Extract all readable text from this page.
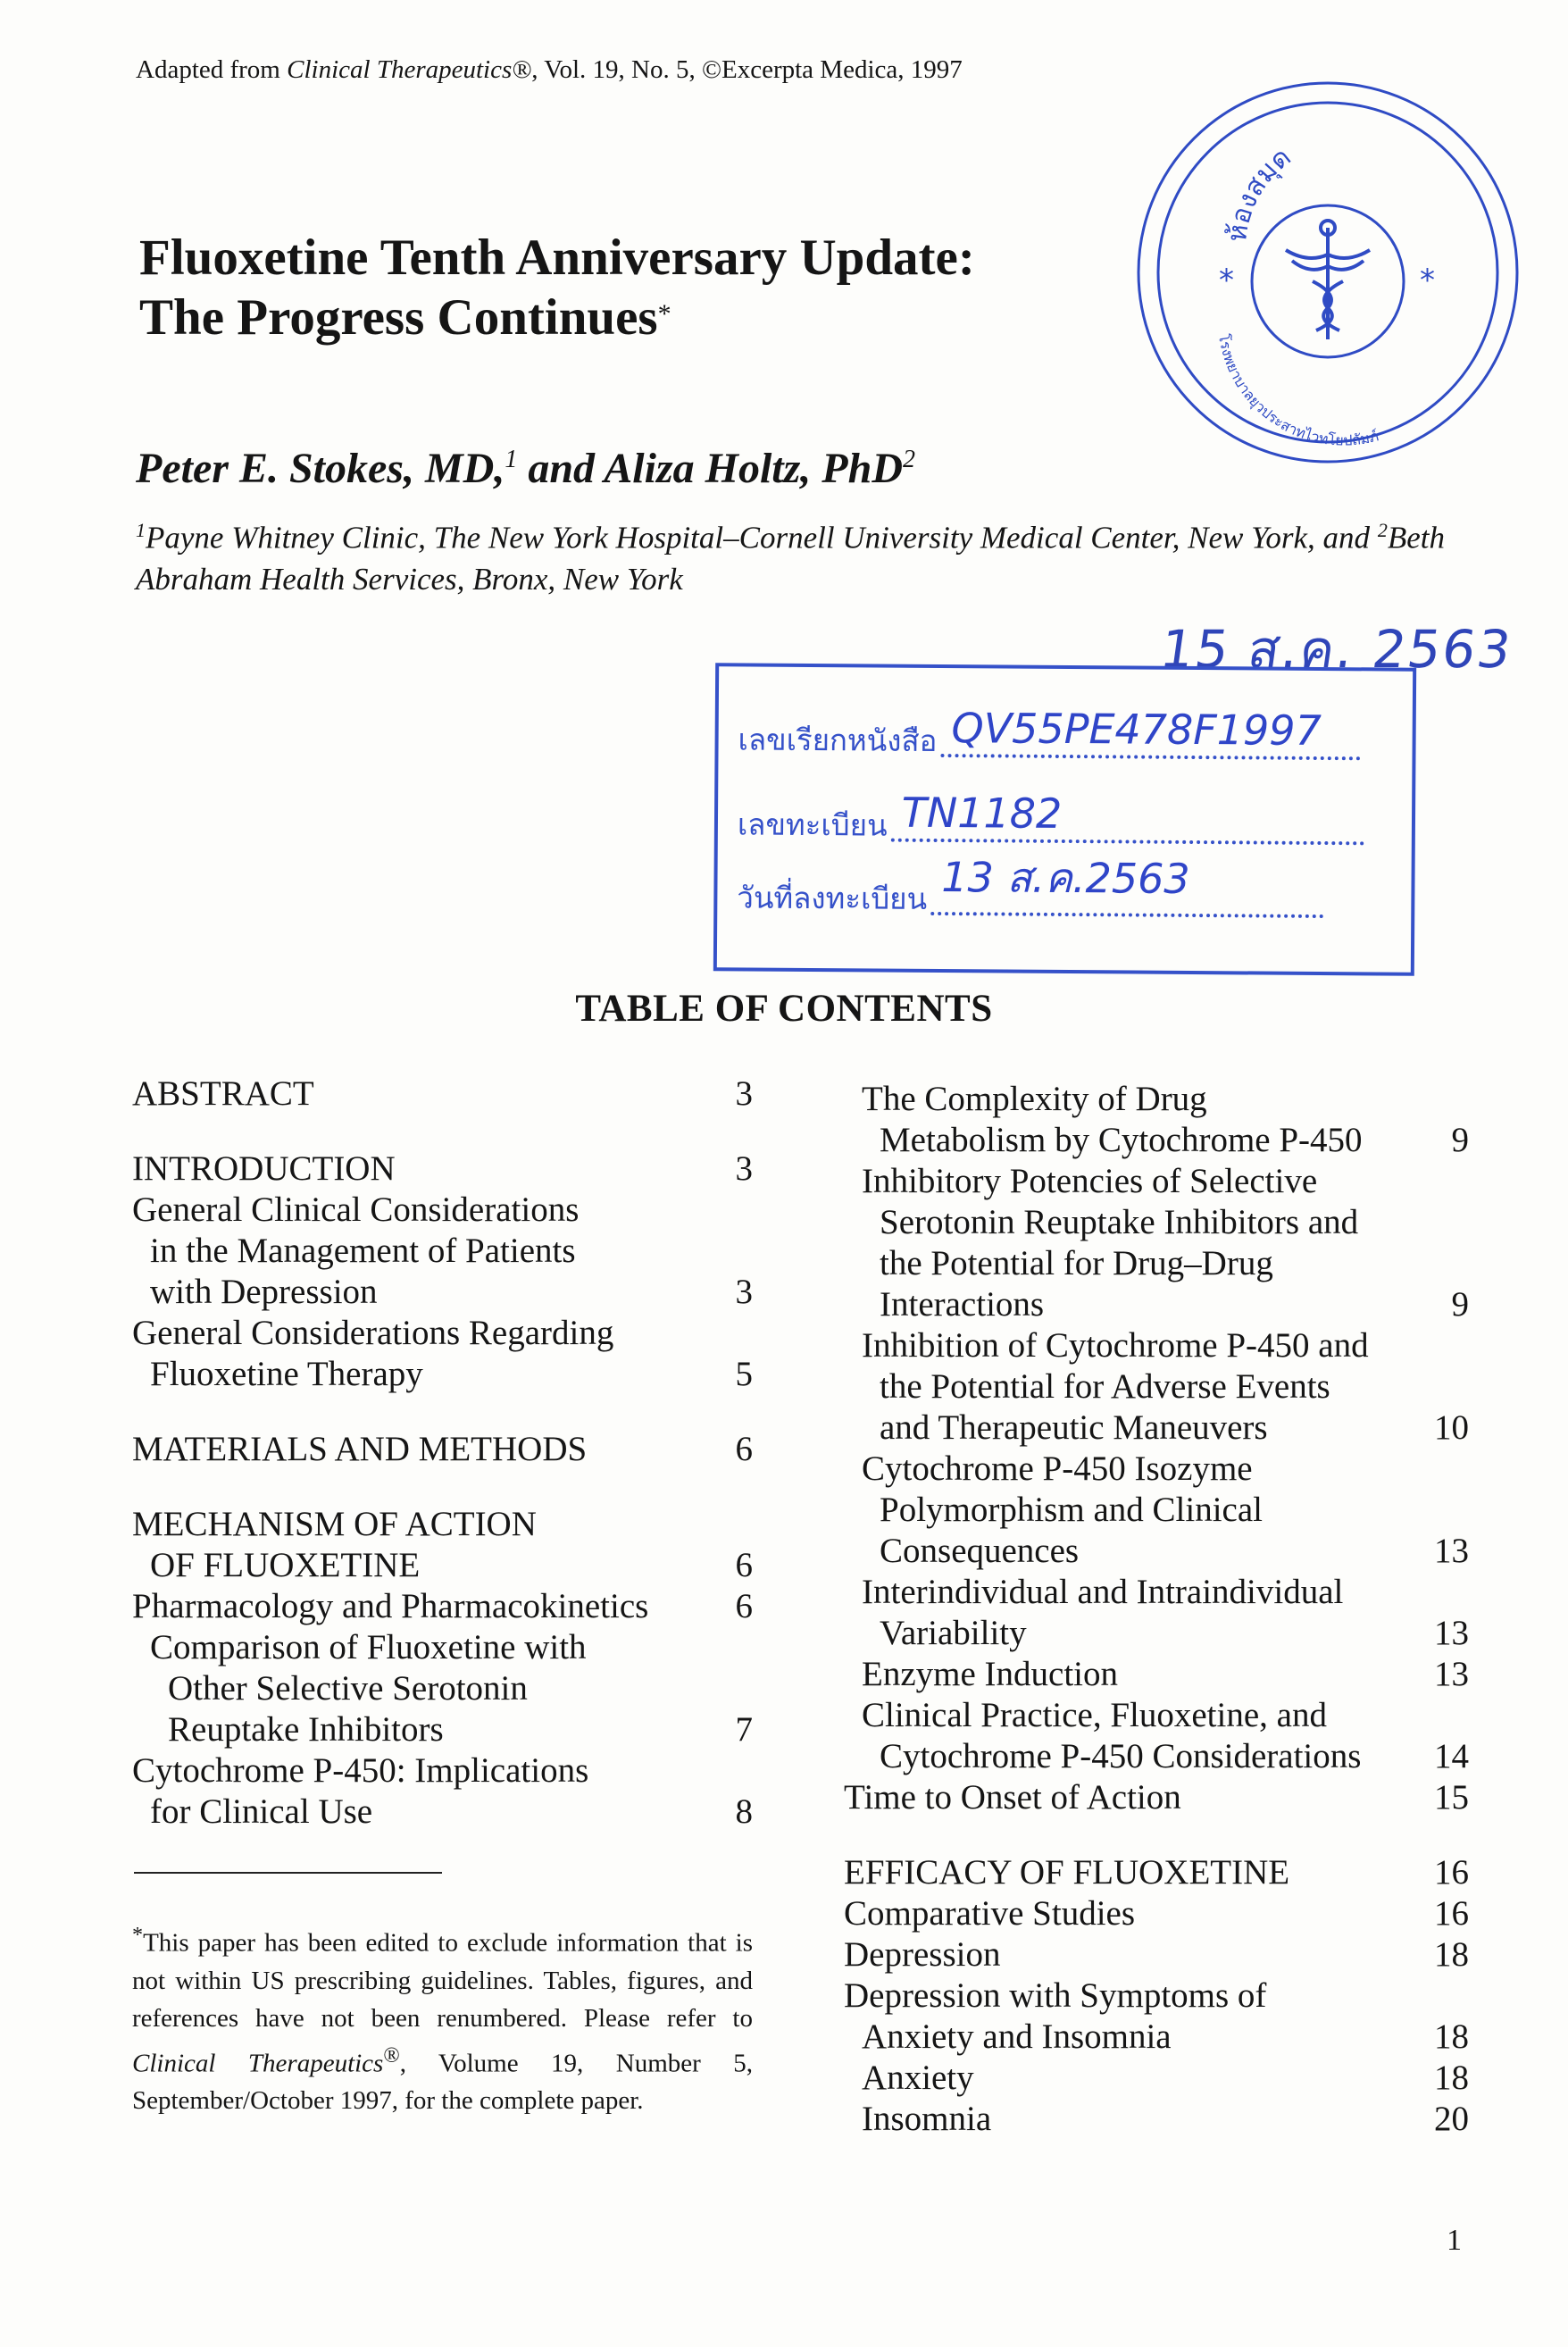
Adapted from Clinical Therapeutics®, Vol. 19, No. 5, ©Excerpta Medica, 1997
Fluoxetine Tenth Anniversary Update:
The Progress Continues*
Peter E. Stokes, MD,$^1$ and Aliza Holtz, PhD$^2$
$^1$Payne Whitney Clinic, The New York Hospital–Cornell University Medical Center, New York, and $^2$Beth Abraham Health Services, Bronx, New York
*	*
ห้องสมุด
โรงพยาบาลยุวประสาทไวทโยปถัมภ์
15 ส.ค. 2563
เลขเรียกหนังสือ QV55PE478F1997
เลขทะเบียน TN1182
วันที่ลงทะเบียน 13 ส.ค.2563
TABLE OF CONTENTS
ABSTRACT	3
INTRODUCTION	3
General Clinical Considerations
in the Management of Patients
with Depression	3
General Considerations Regarding
Fluoxetine Therapy	5
MATERIALS AND METHODS	6
MECHANISM OF ACTION
OF FLUOXETINE	6
Pharmacology and Pharmacokinetics	6
Comparison of Fluoxetine with
Other Selective Serotonin
Reuptake Inhibitors	7
Cytochrome P-450: Implications
for Clinical Use	8
The Complexity of Drug
Metabolism by Cytochrome P-450	9
Inhibitory Potencies of Selective
Serotonin Reuptake Inhibitors and
the Potential for Drug–Drug
Interactions	9
Inhibition of Cytochrome P-450 and
the Potential for Adverse Events
and Therapeutic Maneuvers	10
Cytochrome P-450 Isozyme
Polymorphism and Clinical
Consequences	13
Interindividual and Intraindividual
Variability	13
Enzyme Induction	13
Clinical Practice, Fluoxetine, and
Cytochrome P-450 Considerations	14
Time to Onset of Action	15
EFFICACY OF FLUOXETINE	16
Comparative Studies	16
Depression	18
Depression with Symptoms of
Anxiety and Insomnia	18
Anxiety	18
Insomnia	20
*This paper has been edited to exclude information that is not within US prescribing guidelines. Tables, figures, and references have not been renumbered. Please refer to Clinical Therapeutics®, Volume 19, Number 5, September/October 1997, for the complete paper.
1
